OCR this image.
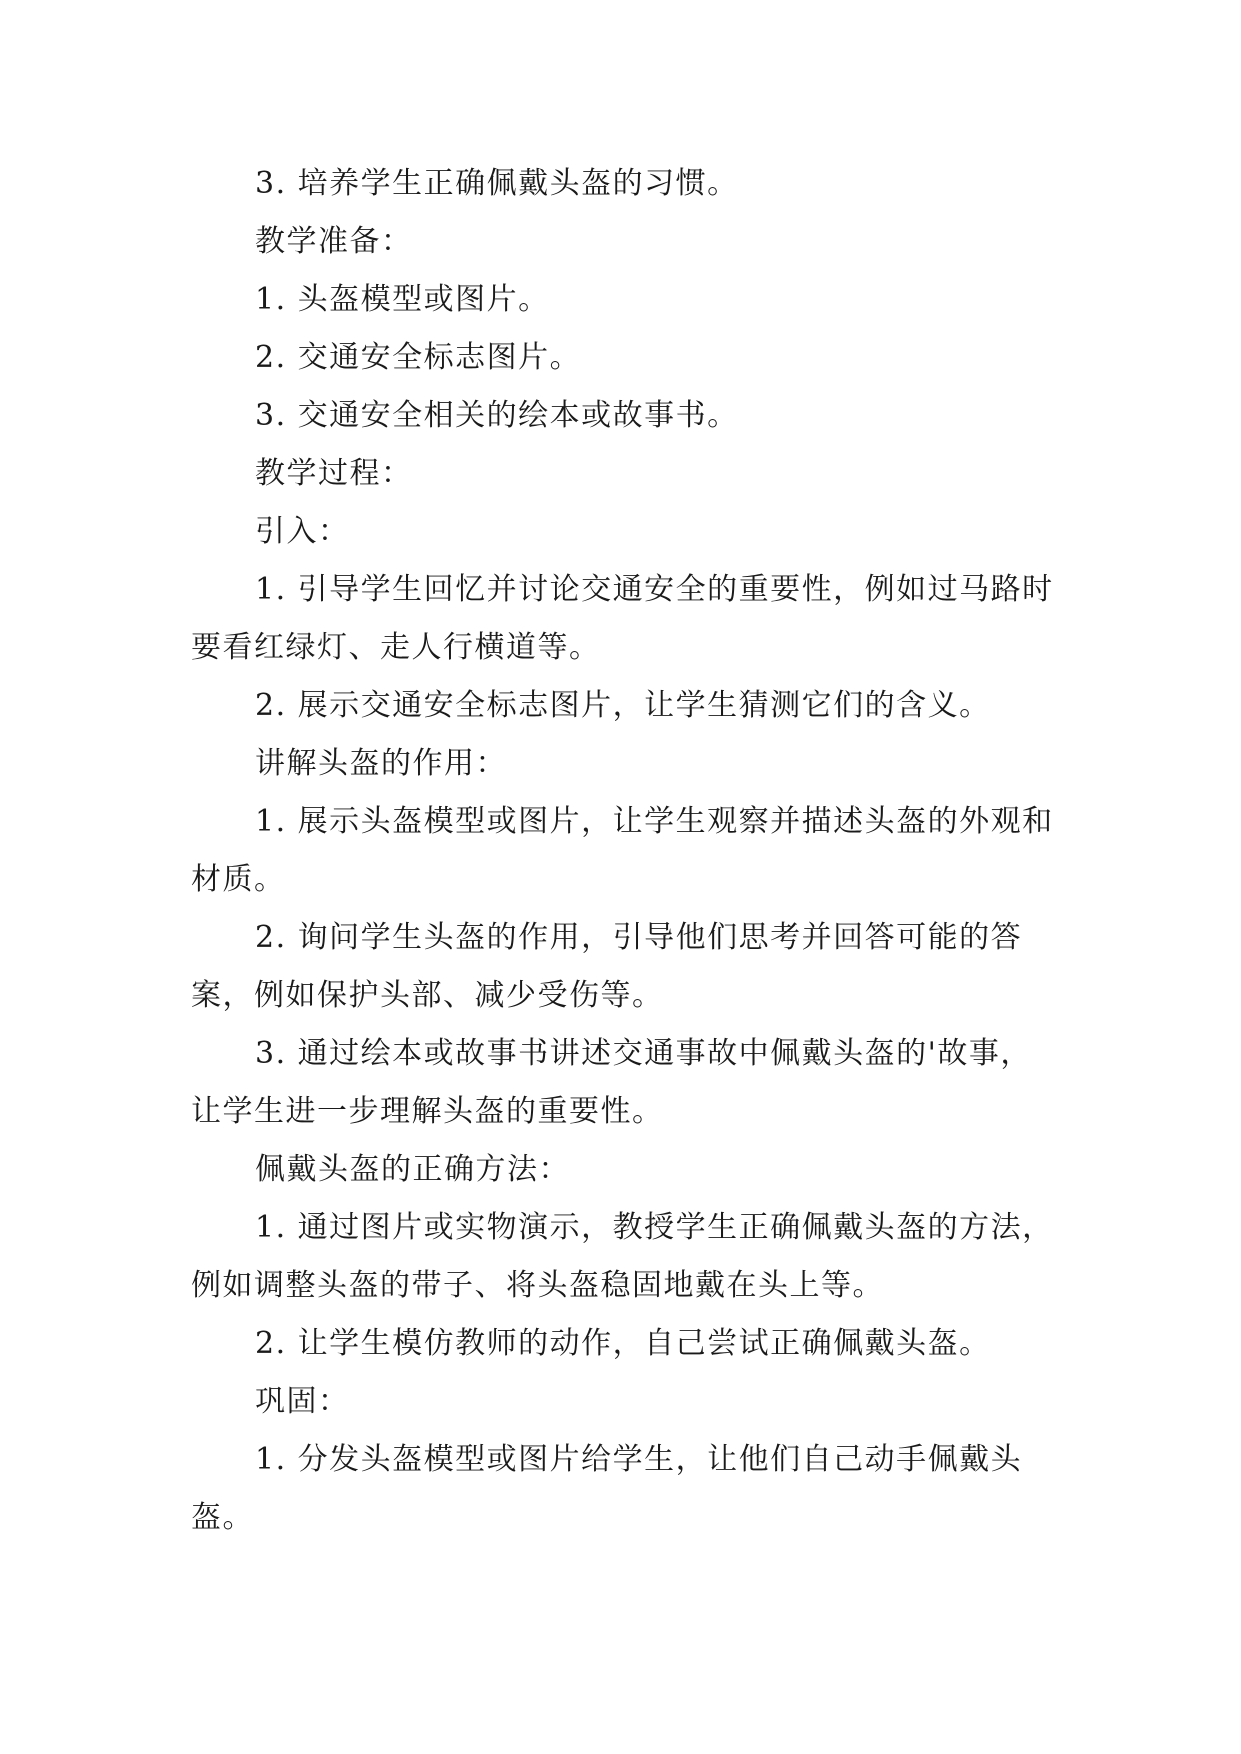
3. 培养学生正确佩戴头盔的习惯。

教学准备：

1. 头盔模型或图片。

2. 交通安全标志图片。

3. 交通安全相关的绘本或故事书。

教学过程：

引入：

1. 引导学生回忆并讨论交通安全的重要性，例如过马路时要看红绿灯、走人行横道等。

2. 展示交通安全标志图片，让学生猜测它们的含义。

讲解头盔的作用：

1. 展示头盔模型或图片，让学生观察并描述头盔的外观和材质。

2. 询问学生头盔的作用，引导他们思考并回答可能的答案，例如保护头部、减少受伤等。

3. 通过绘本或故事书讲述交通事故中佩戴头盔的'故事，让学生进一步理解头盔的重要性。

佩戴头盔的正确方法：

1. 通过图片或实物演示，教授学生正确佩戴头盔的方法，例如调整头盔的带子、将头盔稳固地戴在头上等。

2. 让学生模仿教师的动作，自己尝试正确佩戴头盔。

巩固：

1. 分发头盔模型或图片给学生，让他们自己动手佩戴头盔。
